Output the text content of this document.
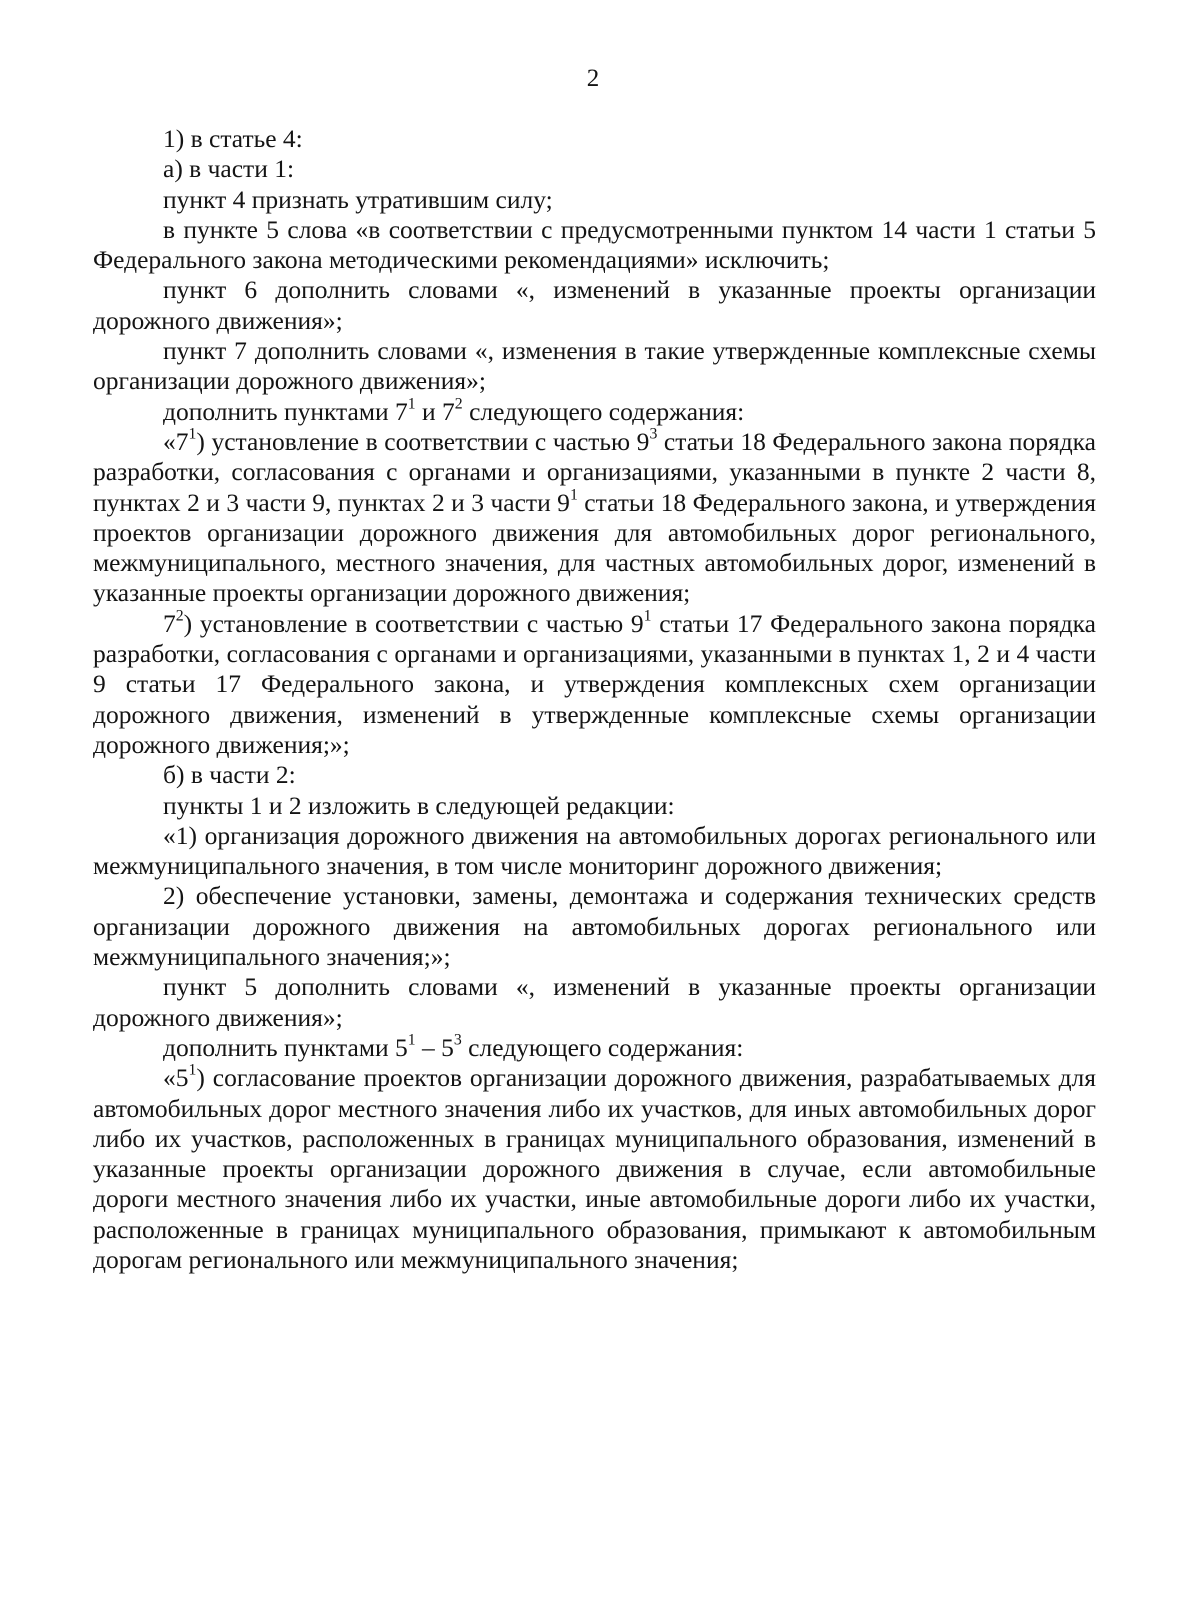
2

1) в статье 4:

а) в части 1:

пункт 4 признать утратившим силу;

в пункте 5 слова «в соответствии с предусмотренными пунктом 14 части 1 статьи 5 Федерального закона методическими рекомендациями» исключить;

пункт 6 дополнить словами «, изменений в указанные проекты организации дорожного движения»;

пункт 7 дополнить словами «, изменения в такие утвержденные комплексные схемы организации дорожного движения»;

дополнить пунктами $7^1$ и $7^2$ следующего содержания:

«$7^1$) установление в соответствии с частью $9^3$ статьи 18 Федерального закона порядка разработки, согласования с органами и организациями, указанными в пункте 2 части 8, пунктах 2 и 3 части 9, пунктах 2 и 3 части $9^1$ статьи 18 Федерального закона, и утверждения проектов организации дорожного движения для автомобильных дорог регионального, межмуниципального, местного значения, для частных автомобильных дорог, изменений в указанные проекты организации дорожного движения;

$7^2$) установление в соответствии с частью $9^1$ статьи 17 Федерального закона порядка разработки, согласования с органами и организациями, указанными в пунктах 1, 2 и 4 части 9 статьи 17 Федерального закона, и утверждения комплексных схем организации дорожного движения, изменений в утвержденные комплексные схемы организации дорожного движения;»;

б) в части 2:

пункты 1 и 2 изложить в следующей редакции:

«1) организация дорожного движения на автомобильных дорогах регионального или межмуниципального значения, в том числе мониторинг дорожного движения;

2) обеспечение установки, замены, демонтажа и содержания технических средств организации дорожного движения на автомобильных дорогах регионального или межмуниципального значения;»;

пункт 5 дополнить словами «, изменений в указанные проекты организации дорожного движения»;

дополнить пунктами $5^1 - 5^3$ следующего содержания:

«$5^1$) согласование проектов организации дорожного движения, разрабатываемых для автомобильных дорог местного значения либо их участков, для иных автомобильных дорог либо их участков, расположенных в границах муниципального образования, изменений в указанные проекты организации дорожного движения в случае, если автомобильные дороги местного значения либо их участки, иные автомобильные дороги либо их участки, расположенные в границах муниципального образования, примыкают к автомобильным дорогам регионального или межмуниципального значения;
